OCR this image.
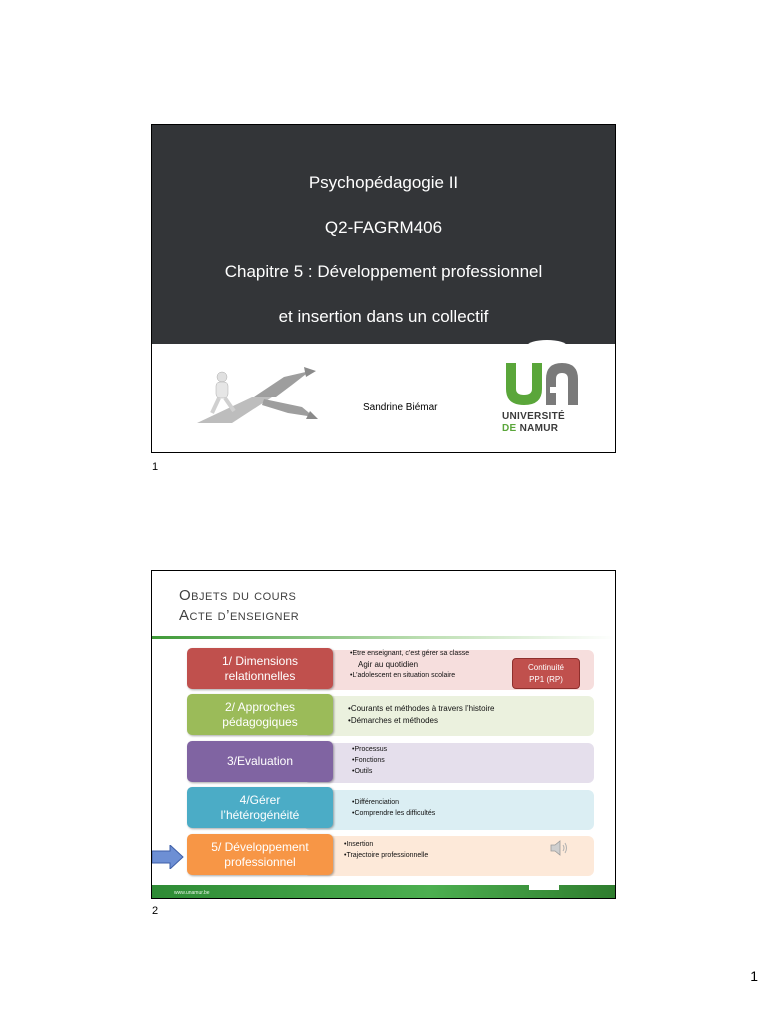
Psychopédagogie II
Q2-FAGRM406
Chapitre 5 : Développement professionnel
et insertion dans un collectif
Sandrine Biémar
UNIVERSITÉ
DE NAMUR
1
Objets du cours
Acte d’enseigner
1/ Dimensions
relationnelles
• Etre enseignant, c’est gérer sa classe
Agir au quotidien
• L’adolescent en situation scolaire
Continuité
PP1 (RP)
2/ Approches
pédagogiques
• Courants et méthodes à travers l’histoire
• Démarches et méthodes
3/Evaluation
• Processus
• Fonctions
• Outils
4/Gérer
l’hétérogénéité
• Différenciation
• Comprendre les difficultés
5/ Développement
professionnel
• Insertion
• Trajectoire professionnelle
www.unamur.be
2
1
